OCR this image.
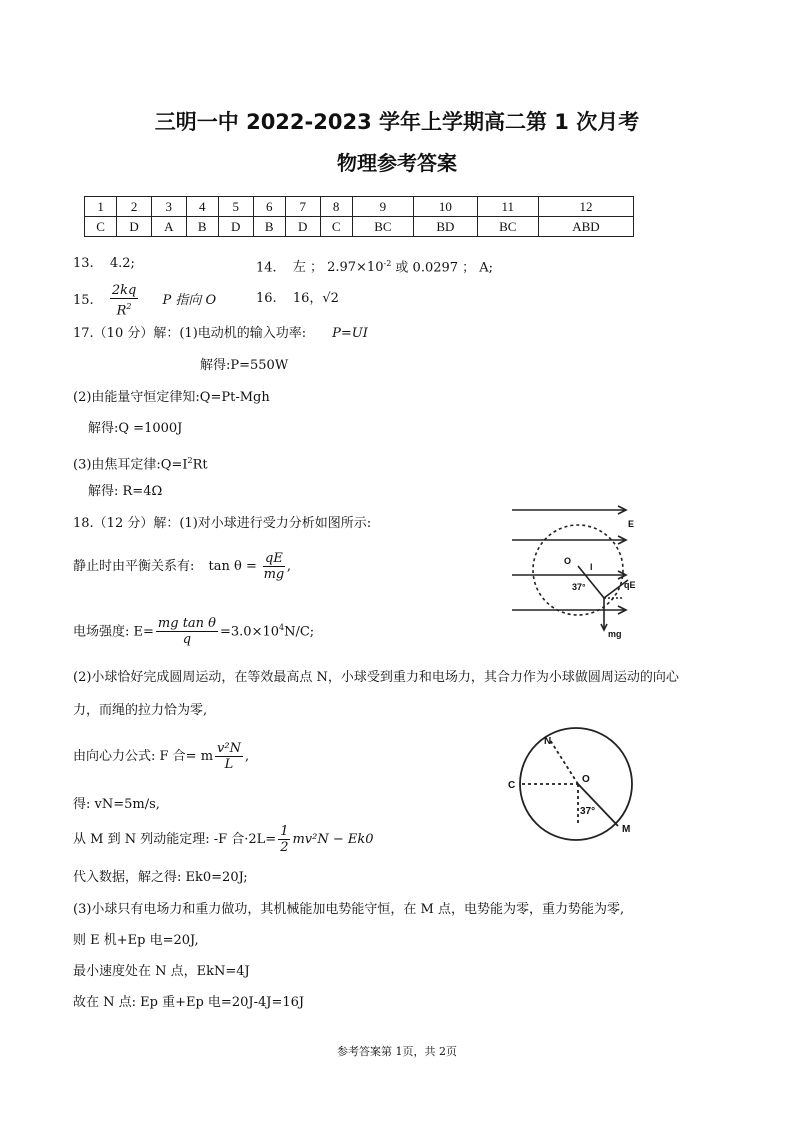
三明一中 2022-2023 学年上学期高二第 1 次月考
物理参考答案
1	2	3	4	5	6	7	8	9	10	11	12
C	D	A	B	D	B	D	C	BC	BD	BC	ABD
13. 4.2;	14. 左 ； $2.97\times 10^{-2}$ 或 0.0297 ； A;
15. $\frac{2kq}{R^2}$ P 指向 O	16. 16，√2
17.（10 分）解：(1)电动机的输入功率: P=UI
解得:P=550W
(2)由能量守恒定律知:Q=Pt-Mgh
解得:Q =1000J
(3)由焦耳定律$:Q=I^2Rt$
解得: R=4Ω
18.（12 分）解：(1)对小球进行受力分析如图所示:
静止时由平衡关系有: $\tan \theta = \frac{qE}{mg}$ ,
电场强度: $E= \frac{\text{mg tan θ}}{q} =3.0\times 10^4N/C$;
(2)小球恰好完成圆周运动，在等效最高点 N，小球受到重力和电场力，其合力作为小球做圆周运动的向心
力，而绳的拉力恰为零,
由向心力公式: F 合= m $\frac{\text{v²N}}{L}$ ,
得: vN=5m/s,
从 M 到 N 列动能定理: -F 合$\cdot 2L= \frac{1}{2} mv^2N - Ek0$
代入数据，解之得: Ek0=20J;
(3)小球只有电场力和重力做功，其机械能加电势能守恒，在 M 点，电势能为零，重力势能为零,
则 E 机+Ep 电=20J,
最小速度处在 N 点，EkN=4J
故在 N 点: Ep 重+Ep 电=20J-4J=16J
E
O
l
37°	qE
mg
N
C
O
37°
M
参考答案第 1页，共 2页
